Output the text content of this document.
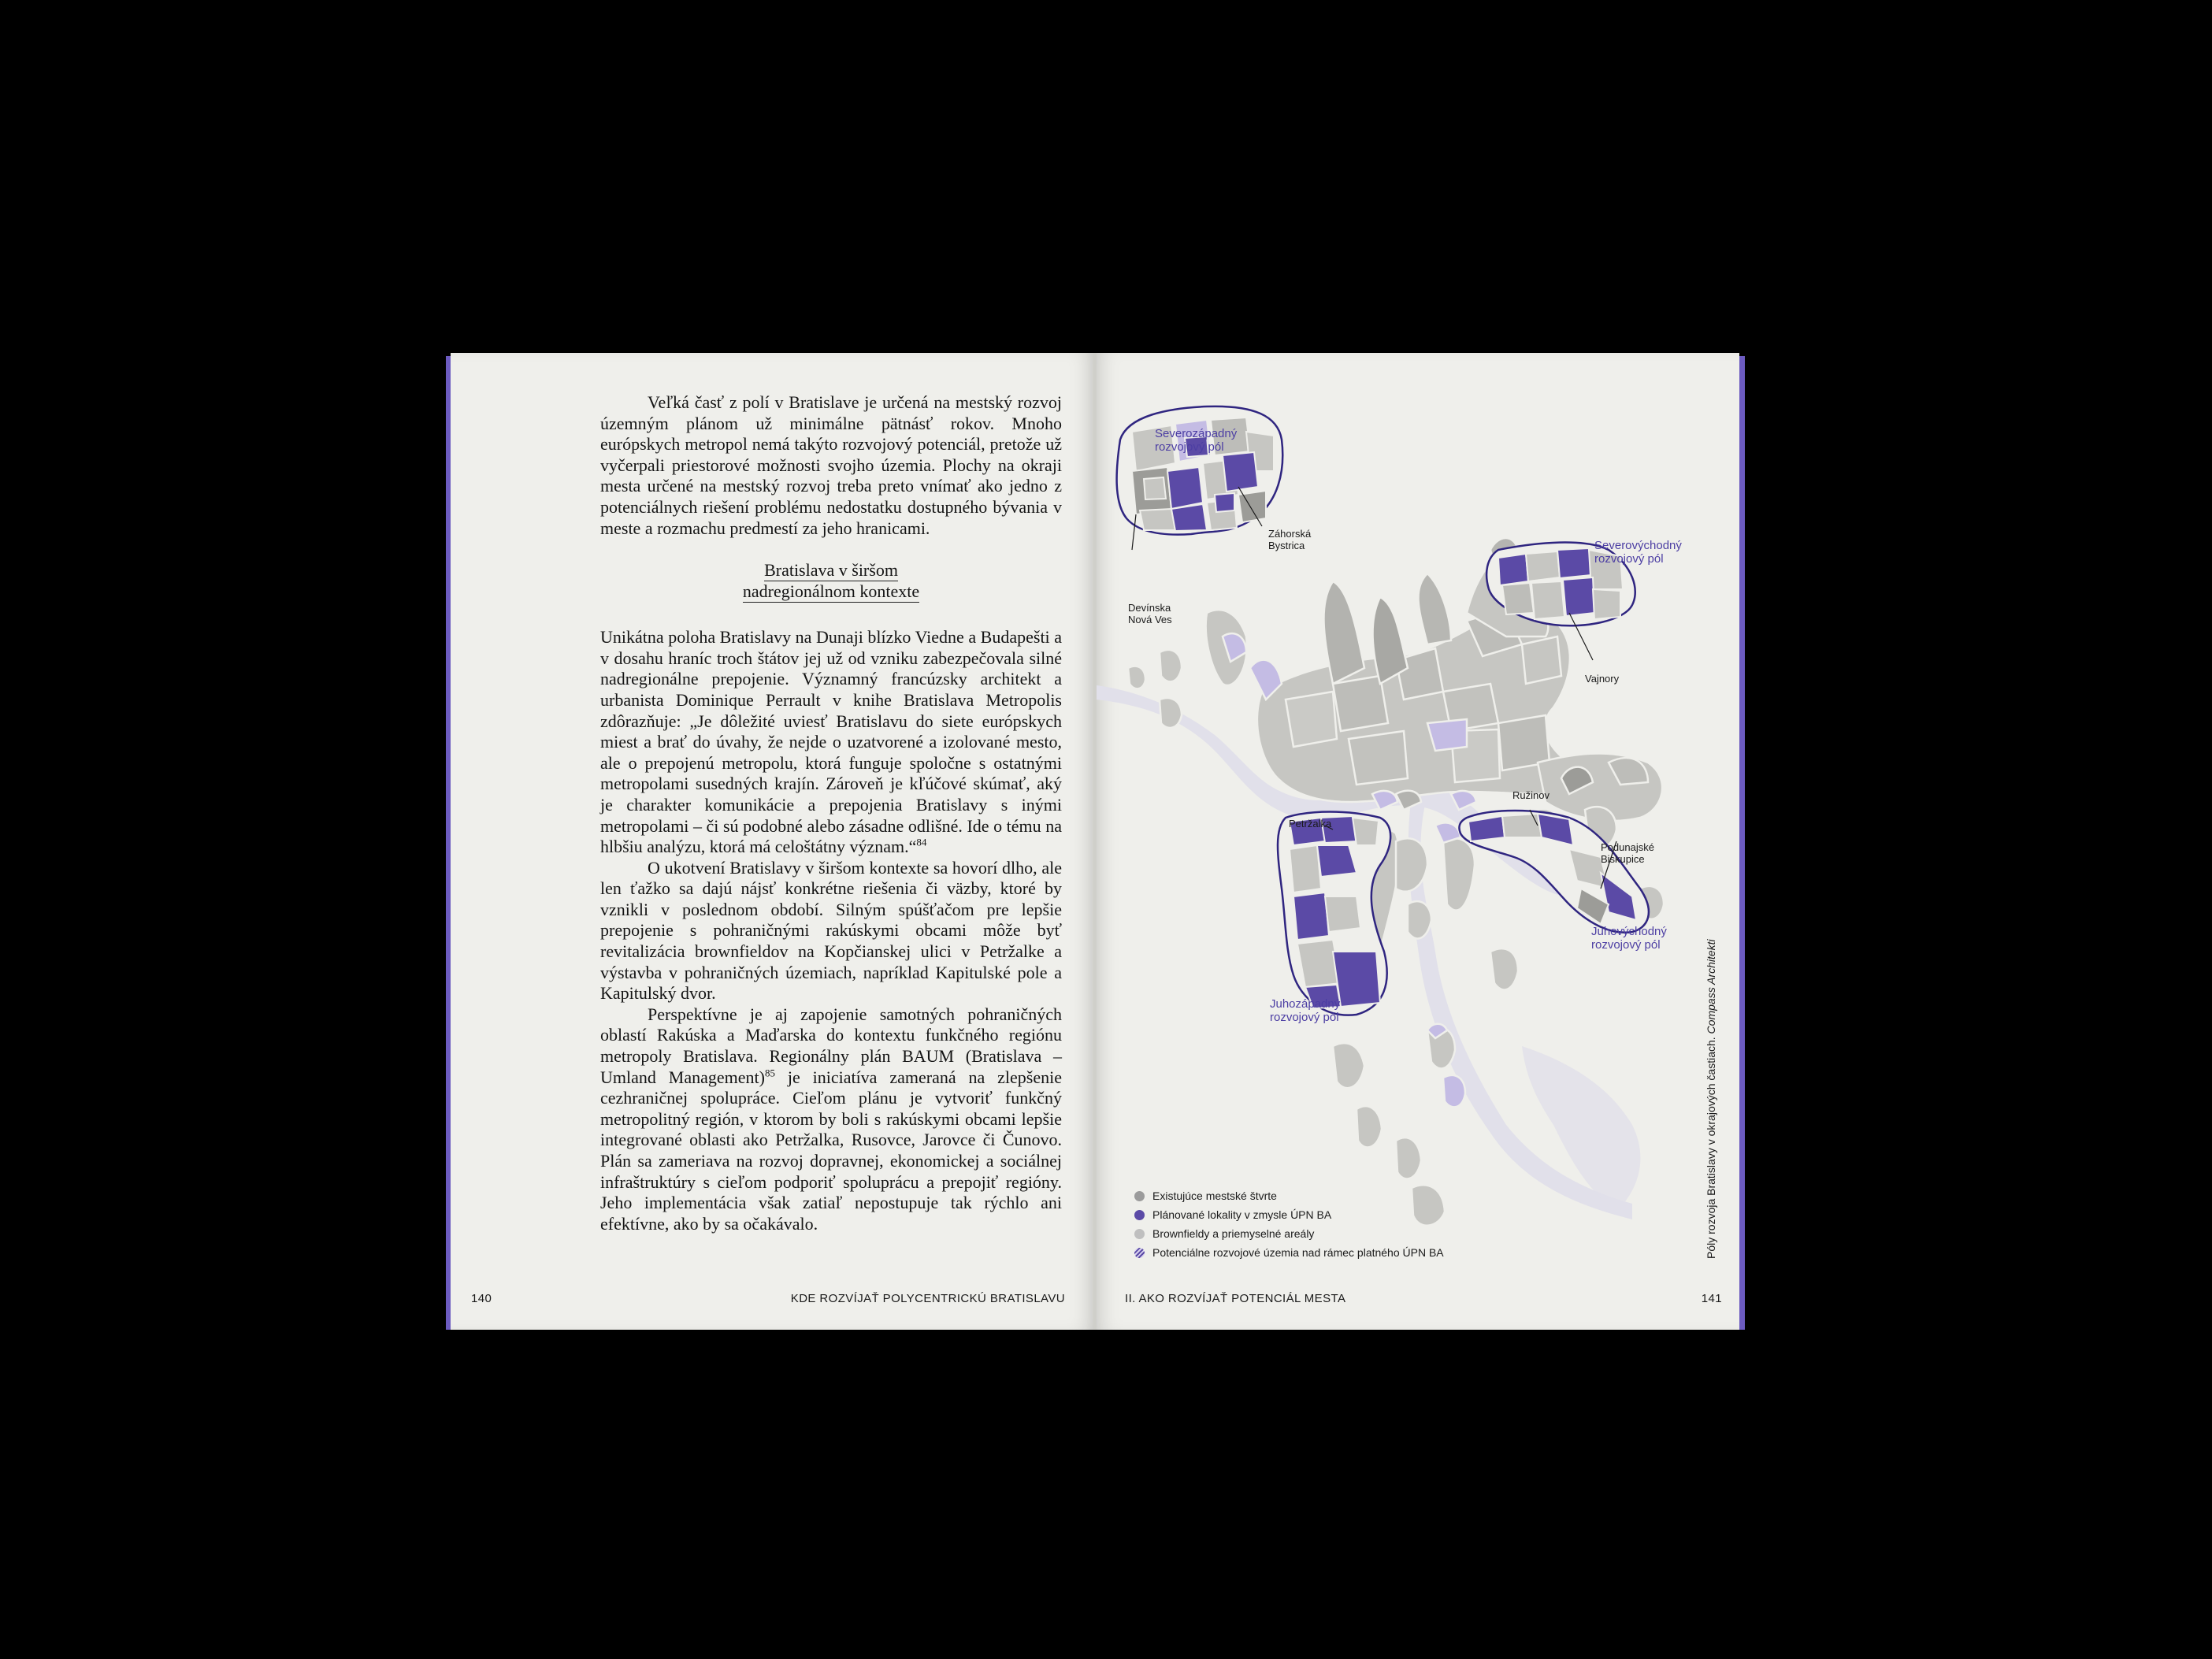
Veľká časť z polí v Bratislave je určená na mestský rozvoj územným plánom už minimálne pätnásť rokov. Mnoho európskych metropol nemá takýto rozvojový potenciál, pretože už vyčerpali priestorové možnosti svojho územia. Plochy na okraji mesta určené na mestský rozvoj treba preto vnímať ako jedno z potenciálnych riešení problému nedostatku dostupného bývania v meste a rozmachu predmestí za jeho hranicami.

Bratislava v širšom
nadregionálnom kontexte

Unikátna poloha Bratislavy na Dunaji blízko Viedne a Budapešti a v dosahu hraníc troch štátov jej už od vzniku zabezpečovala silné nadregionálne prepojenie. Významný francúzsky architekt a urbanista Dominique Perrault v knihe Bratislava Metropolis zdôrazňuje: „Je dôležité uviesť Bratislavu do siete európskych miest a brať do úvahy, že nejde o uzatvorené a izolované mesto, ale o prepojenú metropolu, ktorá funguje spoločne s ostatnými metropolami susedných krajín. Zároveň je kľúčové skúmať, aký je charakter komunikácie a prepojenia Bratislavy s inými metropolami – či sú podobné alebo zásadne odlišné. Ide o tému na hlbšiu analýzu, ktorá má celoštátny význam.“$^{84}$

O ukotvení Bratislavy v širšom kontexte sa hovorí dlho, ale len ťažko sa dajú nájsť konkrétne riešenia či väzby, ktoré by vznikli v poslednom období. Silným spúšťačom pre lepšie prepojenie s pohraničnými rakúskymi obcami môže byť revitalizácia brownfieldov na Kopčianskej ulici v Petržalke a výstavba v pohraničných územiach, napríklad Kapitulské pole a Kapitulský dvor.

Perspektívne je aj zapojenie samotných pohraničných oblastí Rakúska a Maďarska do kontextu funkčného regiónu metropoly Bratislava. Regionálny plán BAUM (Bratislava – Umland Management)$^{85}$ je iniciatíva zameraná na zlepšenie cezhraničnej spolupráce. Cieľom plánu je vytvoriť funkčný metropolitný región, v ktorom by boli s rakúskymi obcami lepšie integrované oblasti ako Petržalka, Rusovce, Jarovce či Čunovo. Plán sa zameriava na rozvoj dopravnej, ekonomickej a sociálnej infraštruktúry s cieľom podporiť spoluprácu a prepojiť regióny. Jeho implementácia však zatiaľ nepostupuje tak rýchlo ani efektívne, ako by sa očakávalo.

140	KDE ROZVÍJAŤ POLYCENTRICKÚ BRATISLAVU
Záhorská
Bystrica
Devínska
Nová Ves
Vajnory
Ružinov
Petržalka
Podunajské
Biskupice
Severozápadný
rozvojový pól
Severovýchodný
rozvojový pól
Juhovýchodný
rozvojový pól
Juhozápadný
rozvojový pól
Existujúce mestské štvrte
Plánované lokality v zmysle ÚPN BA
Brownfieldy a priemyselné areály
Potenciálne rozvojové územia nad rámec platného ÚPN BA	Póly rozvoja Bratislavy v okrajových častiach. Compass Architekti
II. AKO ROZVÍJAŤ POTENCIÁL MESTA	141
